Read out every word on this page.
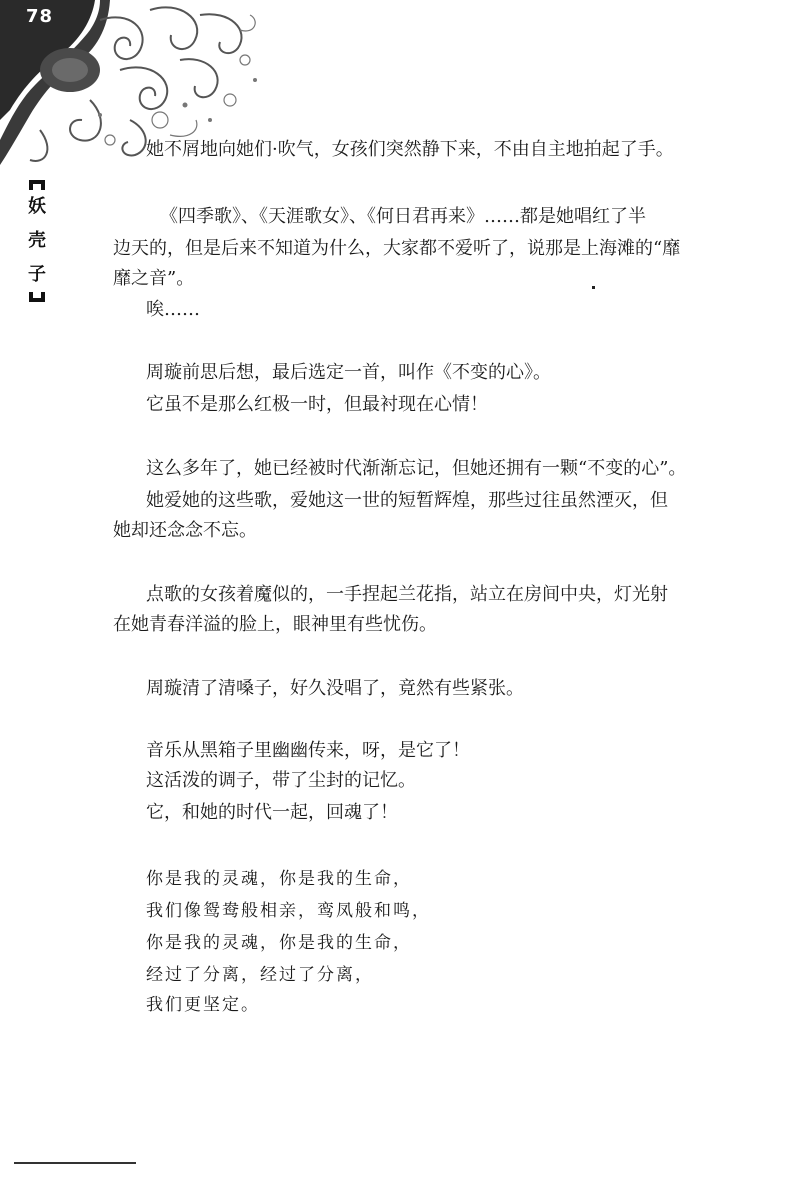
78
妖
壳
子
她不屑地向她们·吹气，女孩们突然静下来，不由自主地拍起了手。
《四季歌》、《天涯歌女》、《何日君再来》……都是她唱红了半
边天的，但是后来不知道为什么，大家都不爱听了，说那是上海滩的“靡
靡之音”。
唉……
周璇前思后想，最后选定一首，叫作《不变的心》。
它虽不是那么红极一时，但最衬现在心情！
这么多年了，她已经被时代渐渐忘记，但她还拥有一颗“不变的心”。
她爱她的这些歌，爱她这一世的短暂辉煌，那些过往虽然湮灭，但
她却还念念不忘。
点歌的女孩着魔似的，一手捏起兰花指，站立在房间中央，灯光射
在她青春洋溢的脸上，眼神里有些忧伤。
周璇清了清嗓子，好久没唱了，竟然有些紧张。
音乐从黑箱子里幽幽传来，呀，是它了！
这活泼的调子，带了尘封的记忆。
它，和她的时代一起，回魂了！
你是我的灵魂，你是我的生命，
我们像鸳鸯般相亲，鸾凤般和鸣，
你是我的灵魂，你是我的生命，
经过了分离，经过了分离，
我们更坚定。
